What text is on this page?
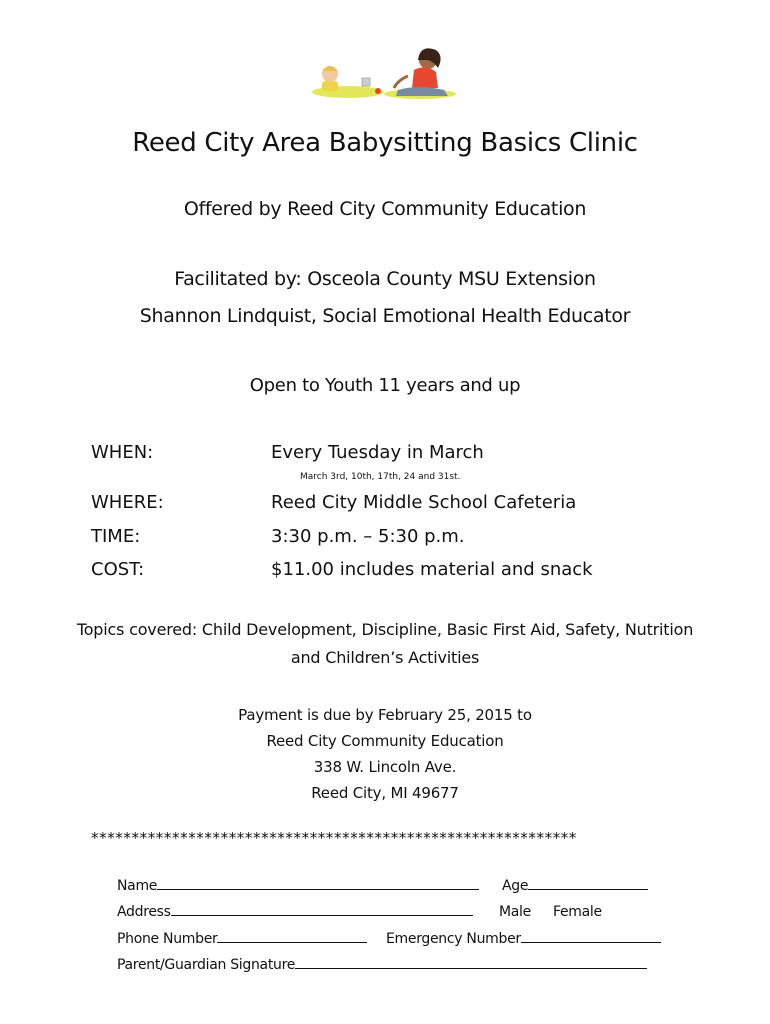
Reed City Area Babysitting Basics Clinic
Offered by Reed City Community Education
Facilitated by: Osceola County MSU Extension
Shannon Lindquist, Social Emotional Health Educator
Open to Youth 11 years and up
WHEN:	Every Tuesday in March
March 3rd, 10th, 17th, 24 and 31st.
WHERE:	Reed City Middle School Cafeteria
TIME:	3:30 p.m. – 5:30 p.m.
COST:	$11.00 includes material and snack
Topics covered: Child Development, Discipline, Basic First Aid, Safety, Nutrition
and Children’s Activities
Payment is due by February 25, 2015 to
Reed City Community Education
338 W. Lincoln Ave.
Reed City, MI 49677
************************************************************
Name	Age
Address	Male Female
Phone Number	Emergency Number
Parent/Guardian Signature
